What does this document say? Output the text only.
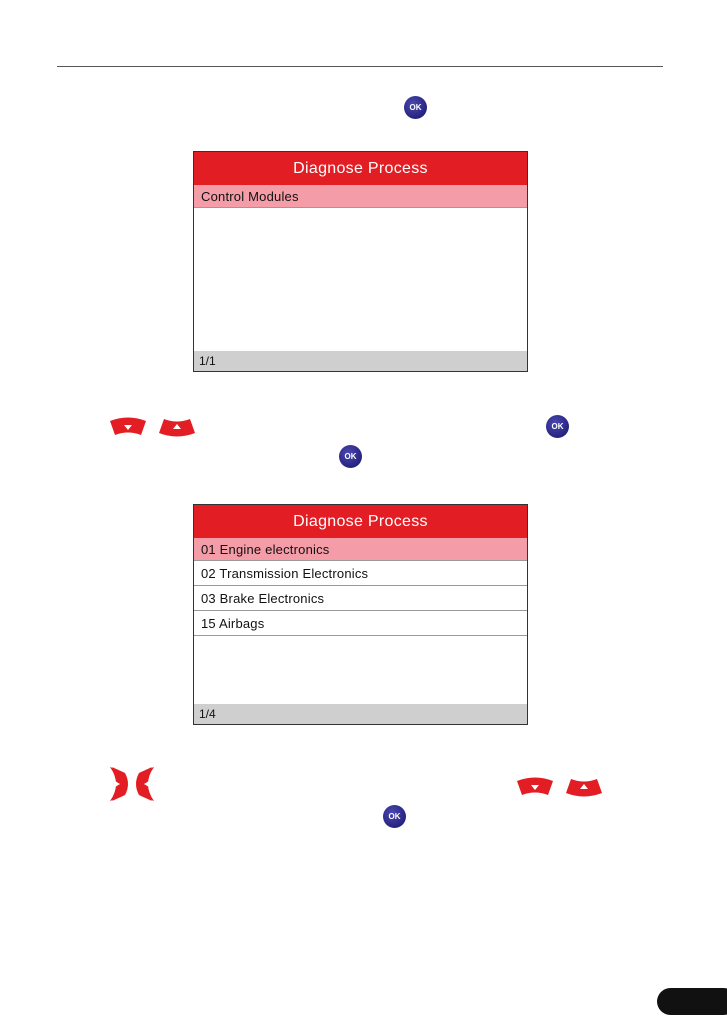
OK
Diagnose Process
Control Modules
1/1
OK
OK
Diagnose Process
01 Engine electronics
02 Transmission Electronics
03 Brake Electronics
15 Airbags
1/4
OK
